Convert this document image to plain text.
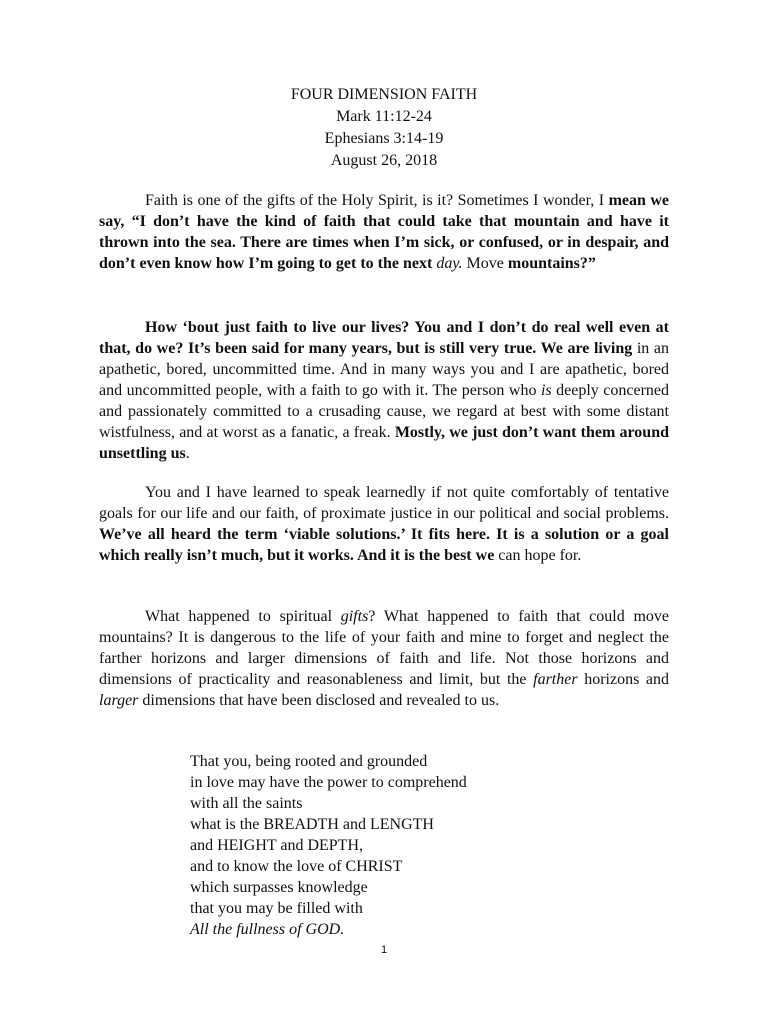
FOUR DIMENSION FAITH
Mark 11:12-24
Ephesians 3:14-19
August 26, 2018

Faith is one of the gifts of the Holy Spirit, is it? Sometimes I wonder, I mean we say, “I don’t have the kind of faith that could take that mountain and have it thrown into the sea. There are times when I’m sick, or confused, or in despair, and don’t even know how I’m going to get to the next day. Move mountains?”

How ‘bout just faith to live our lives? You and I don’t do real well even at that, do we? It’s been said for many years, but is still very true. We are living in an apathetic, bored, uncommitted time. And in many ways you and I are apathetic, bored and uncommitted people, with a faith to go with it. The person who is deeply concerned and passionately committed to a crusading cause, we regard at best with some distant wistfulness, and at worst as a fanatic, a freak. Mostly, we just don’t want them around unsettling us.

You and I have learned to speak learnedly if not quite comfortably of tentative goals for our life and our faith, of proximate justice in our political and social problems. We’ve all heard the term ‘viable solutions.’ It fits here. It is a solution or a goal which really isn’t much, but it works. And it is the best we can hope for.

What happened to spiritual gifts? What happened to faith that could move mountains? It is dangerous to the life of your faith and mine to forget and neglect the farther horizons and larger dimensions of faith and life. Not those horizons and dimensions of practicality and reasonableness and limit, but the farther horizons and larger dimensions that have been disclosed and revealed to us.

That you, being rooted and grounded
in love may have the power to comprehend
with all the saints
what is the BREADTH and LENGTH
and HEIGHT and DEPTH,
and to know the love of CHRIST
which surpasses knowledge
that you may be filled with
All the fullness of GOD.
1
